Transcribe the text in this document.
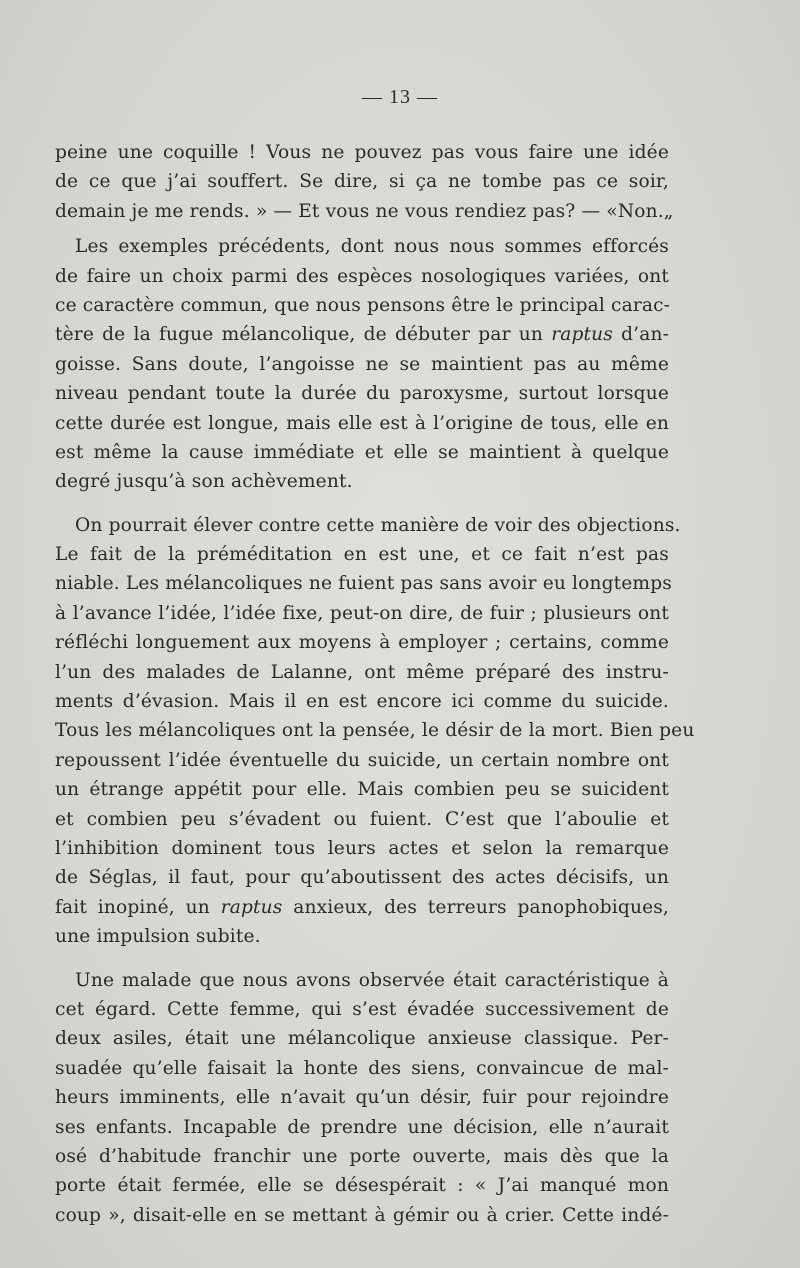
— 13 —
peine une coquille ! Vous ne pouvez pas vous faire une idée
de ce que j’ai souffert. Se dire, si ça ne tombe pas ce soir,
demain je me rends. » — Et vous ne vous rendiez pas? — «Non.„
Les exemples précédents, dont nous nous sommes efforcés
de faire un choix parmi des espèces nosologiques variées, ont
ce caractère commun, que nous pensons être le principal carac-
tère de la fugue mélancolique, de débuter par un raptus d’an-
goisse. Sans doute, l’angoisse ne se maintient pas au même
niveau pendant toute la durée du paroxysme, surtout lorsque
cette durée est longue, mais elle est à l’origine de tous, elle en
est même la cause immédiate et elle se maintient à quelque
degré jusqu’à son achèvement.
On pourrait élever contre cette manière de voir des objections.
Le fait de la préméditation en est une, et ce fait n’est pas
niable. Les mélancoliques ne fuient pas sans avoir eu longtemps
à l’avance l’idée, l’idée fixe, peut-on dire, de fuir ; plusieurs ont
réfléchi longuement aux moyens à employer ; certains, comme
l’un des malades de Lalanne, ont même préparé des instru-
ments d’évasion. Mais il en est encore ici comme du suicide.
Tous les mélancoliques ont la pensée, le désir de la mort. Bien peu
repoussent l’idée éventuelle du suicide, un certain nombre ont
un étrange appétit pour elle. Mais combien peu se suicident
et combien peu s’évadent ou fuient. C’est que l’aboulie et
l’inhibition dominent tous leurs actes et selon la remarque
de Séglas, il faut, pour qu’aboutissent des actes décisifs, un
fait inopiné, un raptus anxieux, des terreurs panophobiques,
une impulsion subite.
Une malade que nous avons observée était caractéristique à
cet égard. Cette femme, qui s’est évadée successivement de
deux asiles, était une mélancolique anxieuse classique. Per-
suadée qu’elle faisait la honte des siens, convaincue de mal-
heurs imminents, elle n’avait qu’un désir, fuir pour rejoindre
ses enfants. Incapable de prendre une décision, elle n’aurait
osé d’habitude franchir une porte ouverte, mais dès que la
porte était fermée, elle se désespérait : « J’ai manqué mon
coup », disait-elle en se mettant à gémir ou à crier. Cette indé-
